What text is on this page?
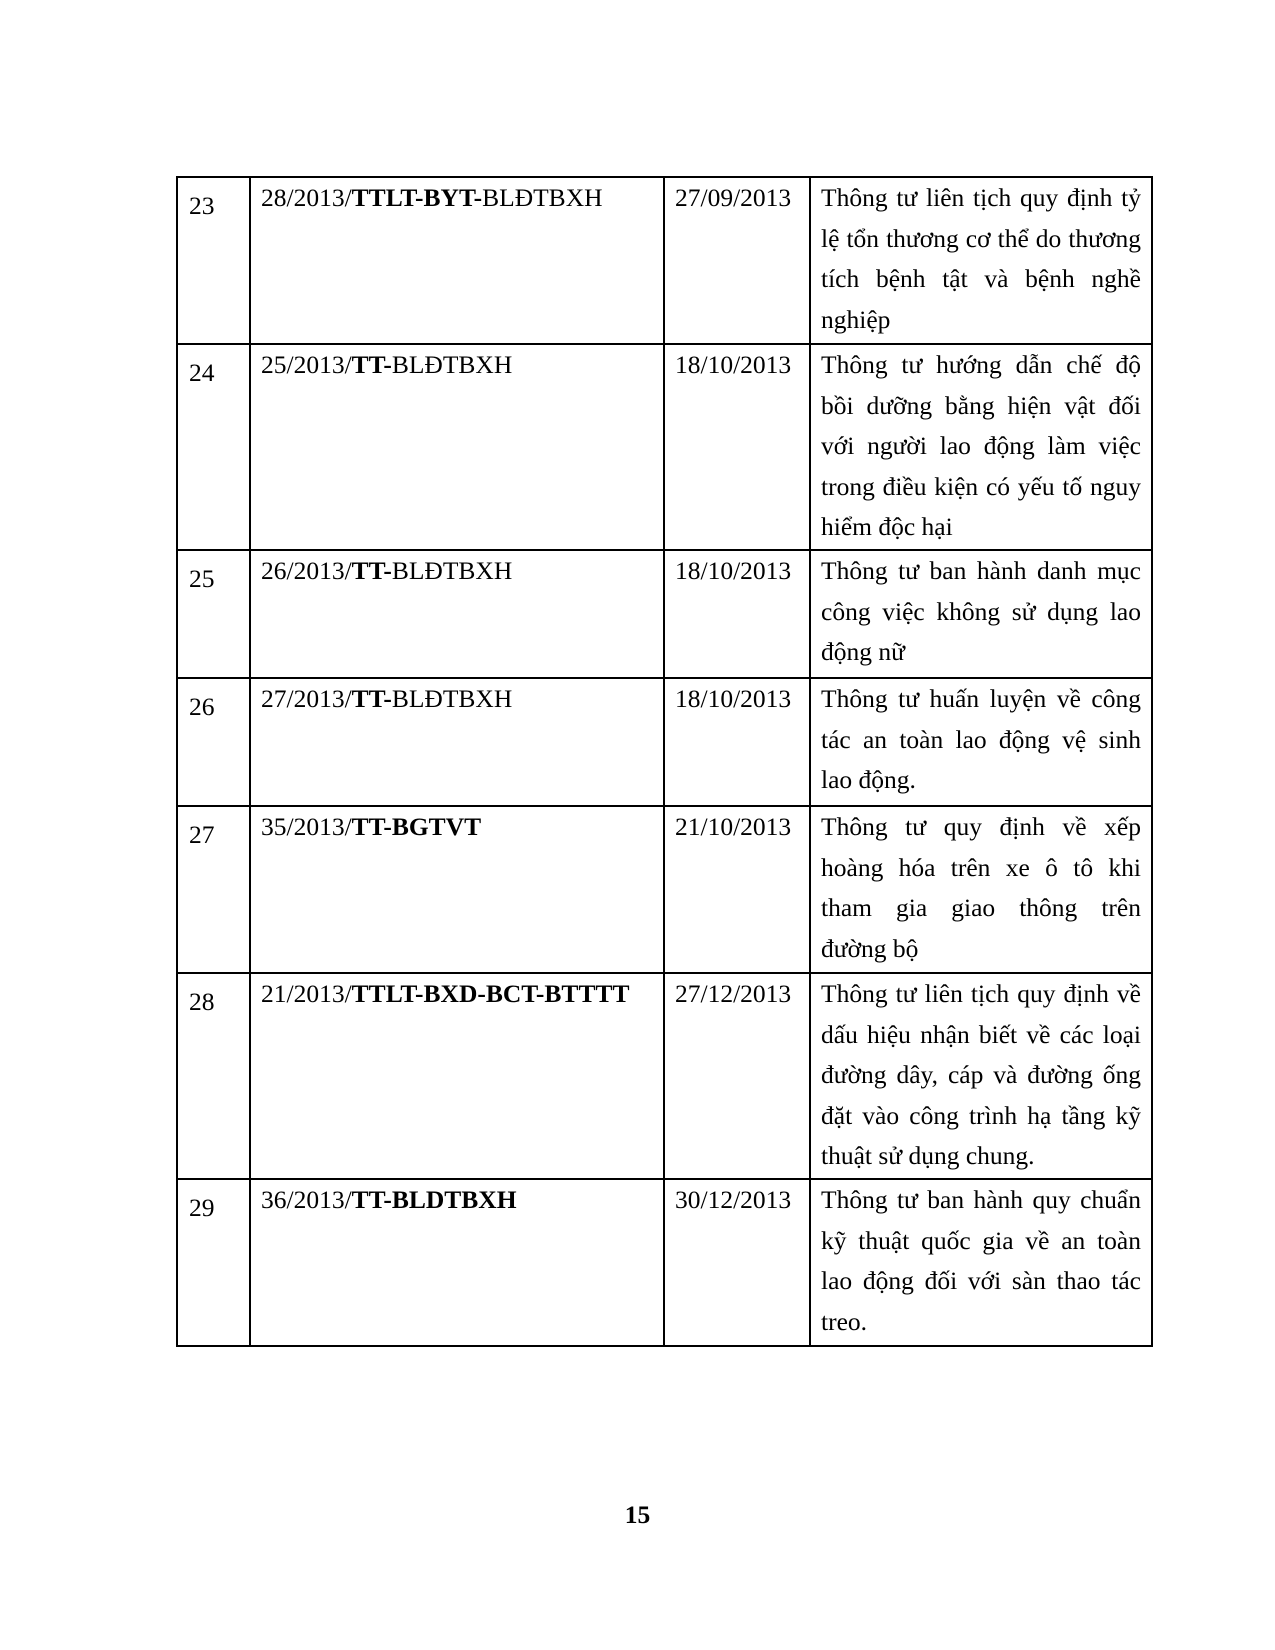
23	28/2013/TTLT-BYT-BLĐTBXH	27/09/2013	Thông tư liên tịch quy định tỷ lệ tổn thương cơ thể do thương tích bệnh tật và bệnh nghề nghiệp
24	25/2013/TT-BLĐTBXH	18/10/2013	Thông tư hướng dẫn chế độ bồi dưỡng bằng hiện vật đối với người lao động làm việc trong điều kiện có yếu tố nguy hiểm độc hại
25	26/2013/TT-BLĐTBXH	18/10/2013	Thông tư ban hành danh mục công việc không sử dụng lao động nữ
26	27/2013/TT-BLĐTBXH	18/10/2013	Thông tư huấn luyện về công tác an toàn lao động vệ sinh lao động.
27	35/2013/TT-BGTVT	21/10/2013	Thông tư quy định về xếp hoàng hóa trên xe ô tô khi tham gia giao thông trên đường bộ
28	21/2013/TTLT-BXD-BCT-BTTTT	27/12/2013	Thông tư liên tịch quy định về dấu hiệu nhận biết về các loại đường dây, cáp và đường ống đặt vào công trình hạ tầng kỹ thuật sử dụng chung.
29	36/2013/TT-BLDTBXH	30/12/2013	Thông tư ban hành quy chuẩn kỹ thuật quốc gia về an toàn lao động đối với sàn thao tác treo.
15
